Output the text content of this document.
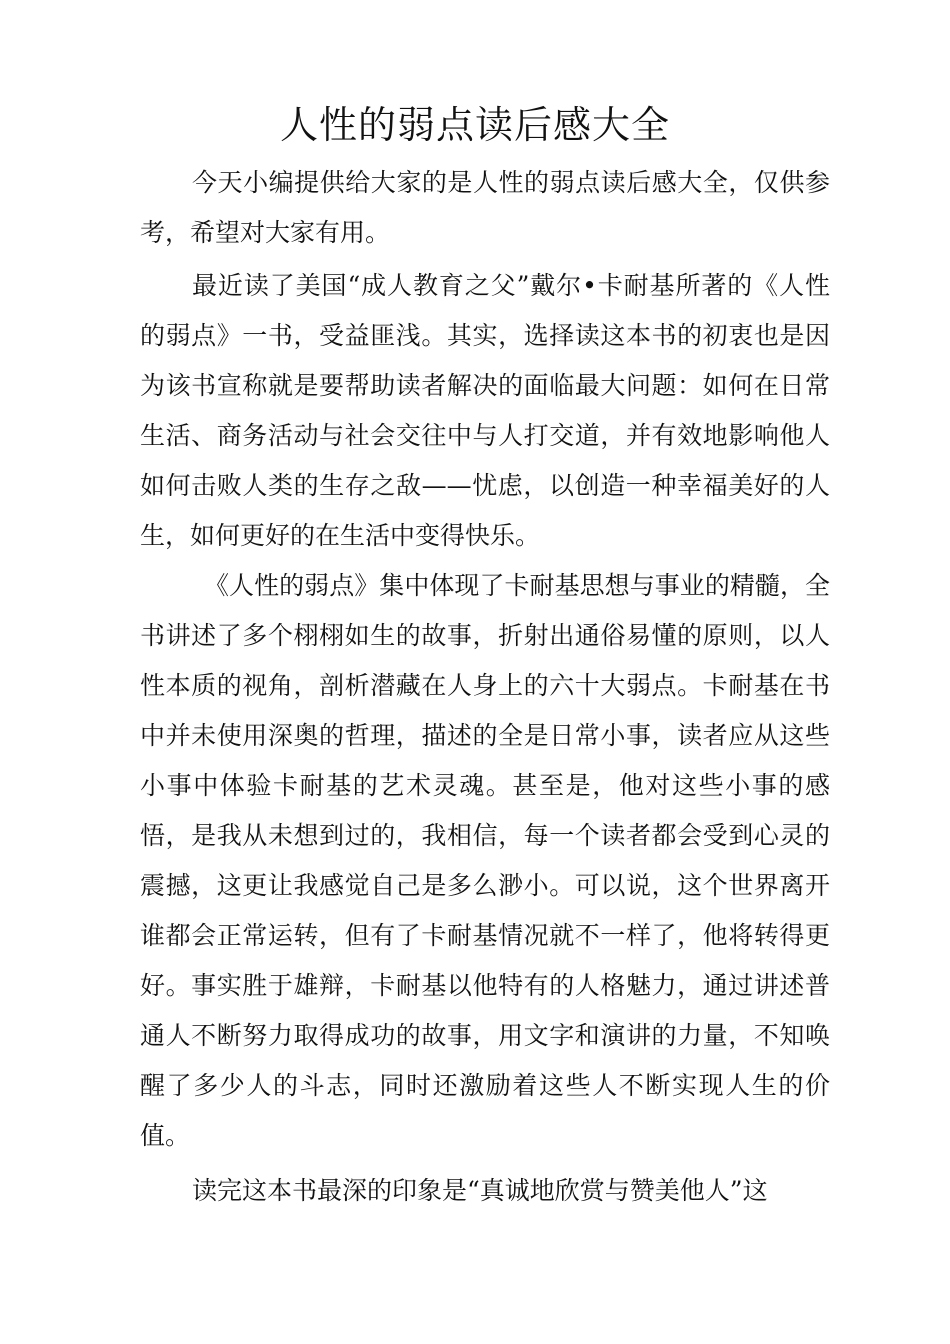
人性的弱点读后感大全

今天小编提供给大家的是人性的弱点读后感大全，仅供参考，希望对大家有用。

最近读了美国“成人教育之父”戴尔•卡耐基所著的《人性的弱点》一书，受益匪浅。其实，选择读这本书的初衷也是因为该书宣称就是要帮助读者解决的面临最大问题：如何在日常生活、商务活动与社会交往中与人打交道，并有效地影响他人如何击败人类的生存之敌——忧虑，以创造一种幸福美好的人生，如何更好的在生活中变得快乐。

《人性的弱点》集中体现了卡耐基思想与事业的精髓，全书讲述了多个栩栩如生的故事，折射出通俗易懂的原则，以人性本质的视角，剖析潜藏在人身上的六十大弱点。卡耐基在书中并未使用深奥的哲理，描述的全是日常小事，读者应从这些小事中体验卡耐基的艺术灵魂。甚至是，他对这些小事的感悟，是我从未想到过的，我相信，每一个读者都会受到心灵的震撼，这更让我感觉自己是多么渺小。可以说，这个世界离开谁都会正常运转，但有了卡耐基情况就不一样了，他将转得更好。事实胜于雄辩，卡耐基以他特有的人格魅力，通过讲述普通人不断努力取得成功的故事，用文字和演讲的力量，不知唤醒了多少人的斗志，同时还激励着这些人不断实现人生的价值。

读完这本书最深的印象是“真诚地欣赏与赞美他人”这
